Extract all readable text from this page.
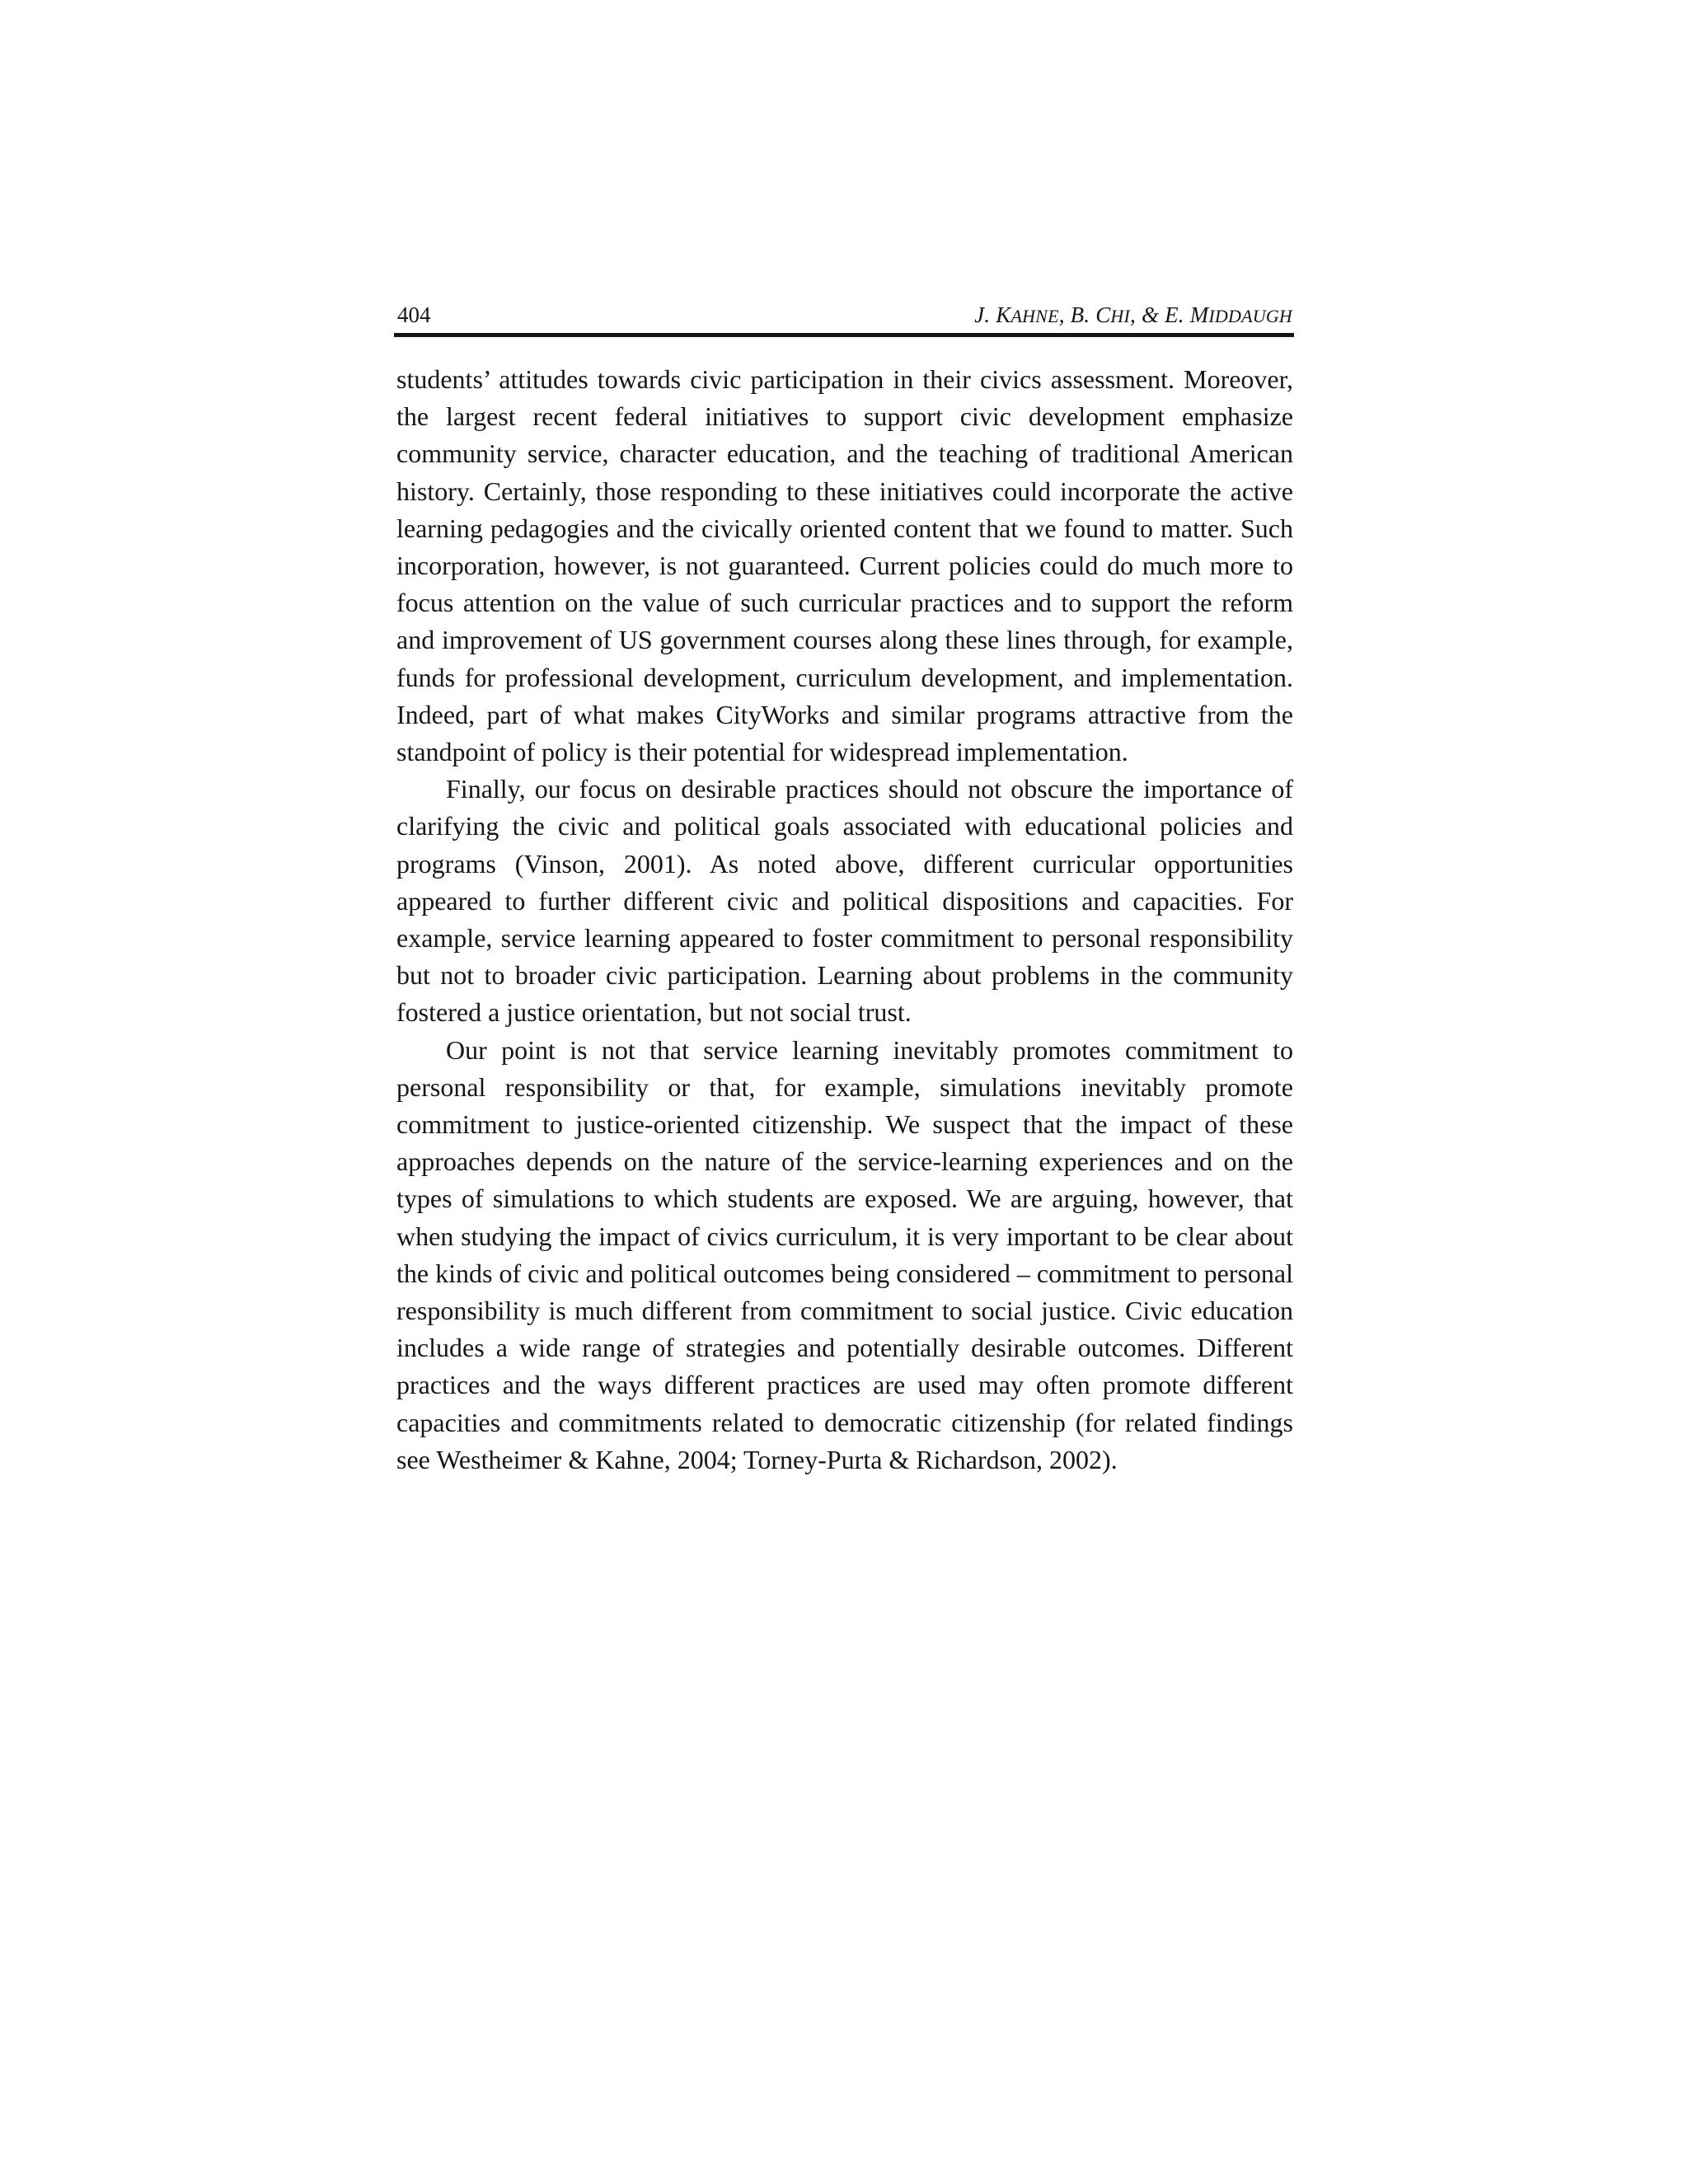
404	J. KAHNE, B. CHI, & E. MIDDAUGH

students’ attitudes towards civic participation in their civics assessment. Moreover, the largest recent federal initiatives to support civic development emphasize community service, character education, and the teaching of traditional American history. Certainly, those responding to these initiatives could incorporate the active learning pedagogies and the civically oriented content that we found to matter. Such incorporation, however, is not guaranteed. Current policies could do much more to focus attention on the value of such curricular practices and to support the reform and improvement of US government courses along these lines through, for example, funds for professional development, curriculum development, and implementation. Indeed, part of what makes CityWorks and similar programs attractive from the standpoint of policy is their potential for widespread implementation.

Finally, our focus on desirable practices should not obscure the importance of clarifying the civic and political goals associated with educational policies and programs (Vinson, 2001). As noted above, different curricular opportunities appeared to further different civic and political dispositions and capacities. For example, service learning appeared to foster commitment to personal responsibility but not to broader civic participation. Learning about problems in the community fostered a justice orientation, but not social trust.

Our point is not that service learning inevitably promotes commitment to personal responsibility or that, for example, simulations inevitably promote commitment to justice-oriented citizenship. We suspect that the impact of these approaches depends on the nature of the service-learning experiences and on the types of simulations to which students are exposed. We are arguing, however, that when studying the impact of civics curriculum, it is very important to be clear about the kinds of civic and political outcomes being considered – commitment to personal responsibility is much different from commitment to social justice. Civic education includes a wide range of strategies and potentially desirable outcomes. Different practices and the ways different practices are used may often promote different capacities and commitments related to democratic citizenship (for related findings see Westheimer & Kahne, 2004; Torney-Purta & Richardson, 2002).
